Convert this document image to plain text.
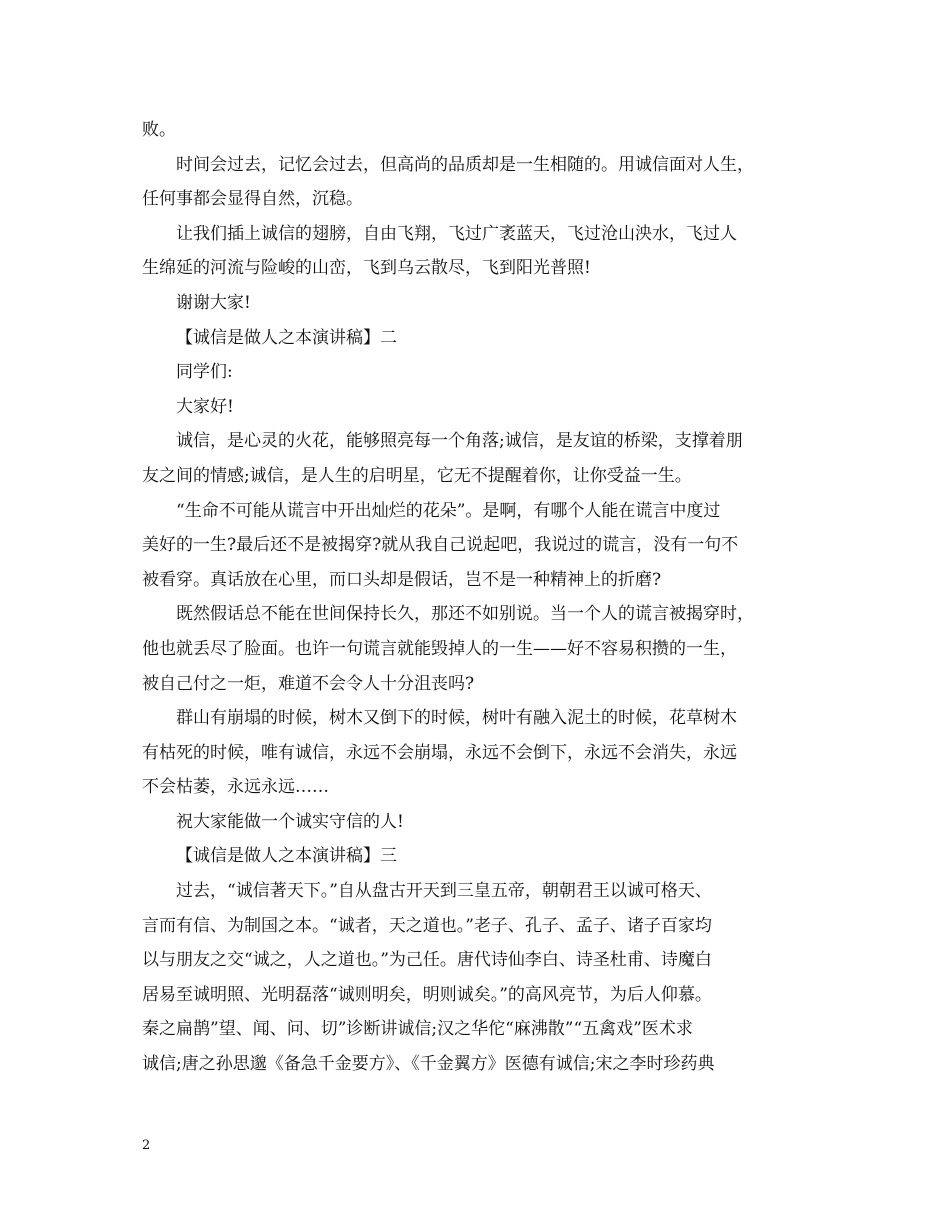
败。
时间会过去，记忆会过去，但高尚的品质却是一生相随的。用诚信面对人生，
任何事都会显得自然，沉稳。
让我们插上诚信的翅膀，自由飞翔，飞过广袤蓝天，飞过沧山泱水，飞过人
生绵延的河流与险峻的山峦，飞到乌云散尽，飞到阳光普照!
谢谢大家!
【诚信是做人之本演讲稿】二
同学们:
大家好!
诚信，是心灵的火花，能够照亮每一个角落;诚信，是友谊的桥梁，支撑着朋
友之间的情感;诚信，是人生的启明星，它无不提醒着你，让你受益一生。
“生命不可能从谎言中开出灿烂的花朵”。是啊，有哪个人能在谎言中度过
美好的一生?最后还不是被揭穿?就从我自己说起吧，我说过的谎言，没有一句不
被看穿。真话放在心里，而口头却是假话，岂不是一种精神上的折磨?
既然假话总不能在世间保持长久，那还不如别说。当一个人的谎言被揭穿时，
他也就丢尽了脸面。也许一句谎言就能毁掉人的一生——好不容易积攒的一生，
被自己付之一炬，难道不会令人十分沮丧吗?
群山有崩塌的时候，树木又倒下的时候，树叶有融入泥土的时候，花草树木
有枯死的时候，唯有诚信，永远不会崩塌，永远不会倒下，永远不会消失，永远
不会枯萎，永远永远……
祝大家能做一个诚实守信的人!
【诚信是做人之本演讲稿】三
过去，“诚信著天下。”自从盘古开天到三皇五帝，朝朝君王以诚可格天、
言而有信、为制国之本。“诚者，天之道也。”老子、孔子、孟子、诸子百家均
以与朋友之交“诚之，人之道也。”为己任。唐代诗仙李白、诗圣杜甫、诗魔白
居易至诚明照、光明磊落“诚则明矣，明则诚矣。”的高风亮节，为后人仰慕。
秦之扁鹊”望、闻、问、切”诊断讲诚信;汉之华佗“麻沸散”“五禽戏”医术求
诚信;唐之孙思邈《备急千金要方》、《千金翼方》医德有诚信;宋之李时珍药典
2
